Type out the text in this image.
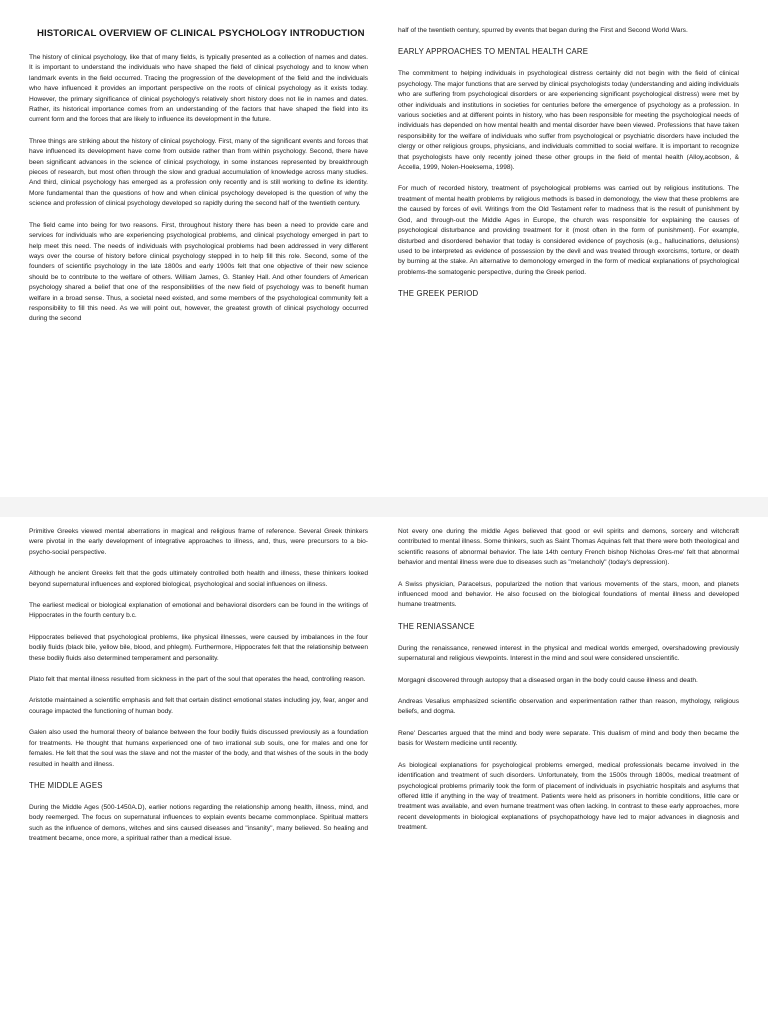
HISTORICAL OVERVIEW OF CLINICAL PSYCHOLOGY INTRODUCTION

The history of clinical psychology, like that of many fields, is typically presented as a collection of names and dates. It is important to understand the individuals who have shaped the field of clinical psychology and to know when landmark events in the field occurred. Tracing the progression of the development of the field and the individuals who have influenced it provides an important perspective on the roots of clinical psychology as it exists today. However, the primary significance of clinical psychology's relatively short history does not lie in names and dates. Rather, its historical importance comes from an understanding of the factors that have shaped the field into its current form and the forces that are likely to influence its development in the future.

Three things are striking about the history of clinical psychology. First, many of the significant events and forces that have influenced its development have come from outside rather than from within psychology. Second, there have been significant advances in the science of clinical psychology, in some instances represented by breakthrough pieces of research, but most often through the slow and gradual accumulation of knowledge across many studies. And third, clinical psychology has emerged as a profession only recently and is still working to define its identity. More fundamental than the questions of how and when clinical psychology developed is the question of why the science and profession of clinical psychology developed so rapidly during the second half of the twentieth century.

The field came into being for two reasons. First, throughout history there has been a need to provide care and services for individuals who are experiencing psychological problems, and clinical psychology emerged in part to help meet this need. The needs of individuals with psychological problems had been addressed in very different ways over the course of history before clinical psychology stepped in to help fill this role. Second, some of the founders of scientific psychology in the late 1800s and early 1900s felt that one objective of their new science should be to contribute to the welfare of others. William James, G. Stanley Hall. And other founders of American psychology shared a belief that one of the responsibilities of the new field of psychology was to benefit human welfare in a broad sense. Thus, a societal need existed, and some members of the psychological community felt a responsibility to fill this need. As we will point out, however, the greatest growth of clinical psychology occurred during the second

half of the twentieth century, spurred by events that began during the First and Second World Wars.

EARLY APPROACHES TO MENTAL HEALTH CARE

The commitment to helping individuals in psychological distress certainly did not begin with the field of clinical psychology. The major functions that are served by clinical psychologists today (understanding and aiding individuals who are suffering from psychological disorders or are experiencing significant psychological distress) were met by other individuals and institutions in societies for centuries before the emergence of psychology as a profession. In various societies and at different points in history, who has been responsible for meeting the psychological needs of individuals has depended on how mental health and mental disorder have been viewed. Professions that have taken responsibility for the welfare of individuals who suffer from psychological or psychiatric disorders have included the clergy or other religious groups, physicians, and individuals committed to social welfare. It is important to recognize that psychologists have only recently joined these other groups in the field of mental health (Alloy,acobson, & Accella, 1999, Nolen-Hoeksema, 1998).

For much of recorded history, treatment of psychological problems was carried out by religious institutions. The treatment of mental health problems by religious methods is based in demonology, the view that these problems are the caused by forces of evil. Writings from the Old Testament refer to madness that is the result of punishment by God, and through-out the Middle Ages in Europe, the church was responsible for explaining the causes of psychological disturbance and providing treatment for it (most often in the form of punishment). For example, disturbed and disordered behavior that today is considered evidence of psychosis (e.g., hallucinations, delusions) used to be interpreted as evidence of possession by the devil and was treated through exorcisms, torture, or death by burning at the stake. An alternative to demonology emerged in the form of medical explanations of psychological problems-the somatogenic perspective, during the Greek period.

THE GREEK PERIOD

Primitive Greeks viewed mental aberrations in magical and religious frame of reference. Several Greek thinkers were pivotal in the early development of integrative approaches to illness, and, thus, were precursors to a bio-psycho-social perspective.

Although he ancient Greeks felt that the gods ultimately controlled both health and illness, these thinkers looked beyond supernatural influences and explored biological, psychological and social influences on illness.

The earliest medical or biological explanation of emotional and behavioral disorders can be found in the writings of Hippocrates in the fourth century b.c.

Hippocrates believed that psychological problems, like physical illnesses, were caused by imbalances in the four bodily fluids (black bile, yellow bile, blood, and phlegm). Furthermore, Hippocrates felt that the relationship between these bodily fluids also determined temperament and personality.

Plato felt that mental illness resulted from sickness in the part of the soul that operates the head, controlling reason.

Aristotle maintained a scientific emphasis and felt that certain distinct emotional states including joy, fear, anger and courage impacted the functioning of human body.

Galen also used the humoral theory of balance between the four bodily fluids discussed previously as a foundation for treatments. He thought that humans experienced one of two irrational sub souls, one for males and one for females. He felt that the soul was the slave and not the master of the body, and that wishes of the souls in the body resulted in health and illness.

THE MIDDLE AGES

During the Middle Ages (500-1450A.D), earlier notions regarding the relationship among health, illness, mind, and body reemerged. The focus on supernatural influences to explain events became commonplace. Spiritual matters such as the influence of demons, witches and sins caused diseases and "insanity", many believed. So healing and treatment became, once more, a spiritual rather than a medical issue.

Not every one during the middle Ages believed that good or evil spirits and demons, sorcery and witchcraft contributed to mental illness. Some thinkers, such as Saint Thomas Aquinas felt that there were both theological and scientific reasons of abnormal behavior. The late 14th century French bishop Nicholas Ores-me' felt that abnormal behavior and mental illness were due to diseases such as "melancholy" (today's depression).

A Swiss physician, Paracelsus, popularized the notion that various movements of the stars, moon, and planets influenced mood and behavior. He also focused on the biological foundations of mental illness and developed humane treatments.

THE RENIASSANCE

During the renaissance, renewed interest in the physical and medical worlds emerged, overshadowing previously supernatural and religious viewpoints. Interest in the mind and soul were considered unscientific.

Morgagni discovered through autopsy that a diseased organ in the body could cause illness and death.

Andreas Vesalius emphasized scientific observation and experimentation rather than reason, mythology, religious beliefs, and dogma.

Rene' Descartes argued that the mind and body were separate. This dualism of mind and body then became the basis for Western medicine until recently.

As biological explanations for psychological problems emerged, medical professionals became involved in the identification and treatment of such disorders. Unfortunately, from the 1500s through 1800s, medical treatment of psychological problems primarily took the form of placement of individuals in psychiatric hospitals and asylums that offered little if anything in the way of treatment. Patients were held as prisoners in horrible conditions, little care or treatment was available, and even humane treatment was often lacking. In contrast to these early approaches, more recent developments in biological explanations of psychopathology have led to major advances in diagnosis and treatment.
